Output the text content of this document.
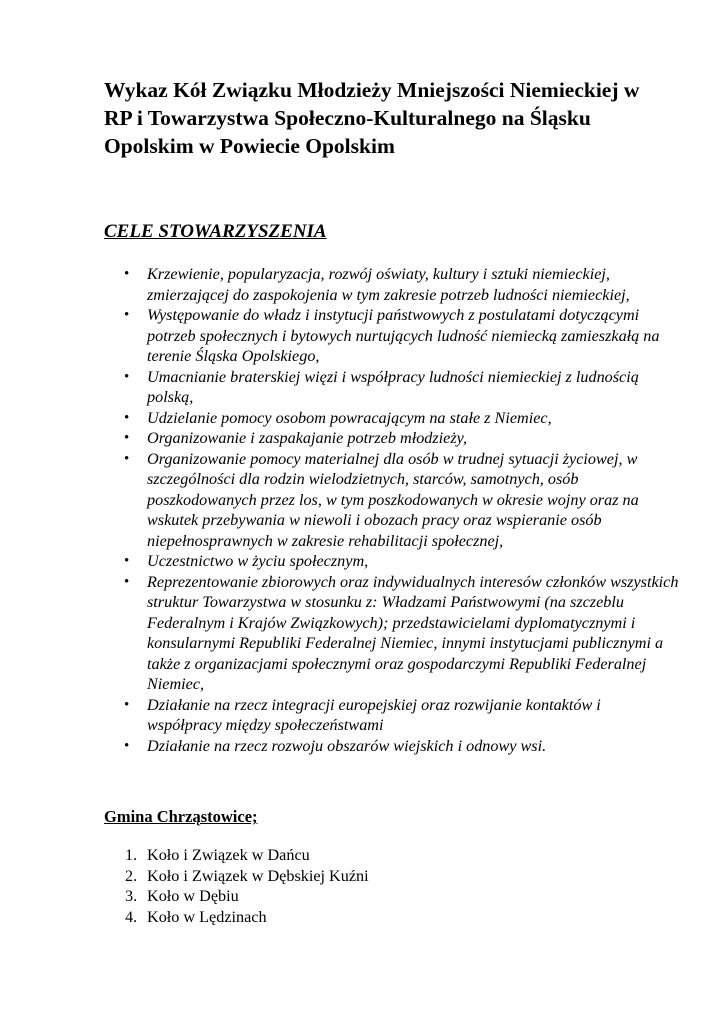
Wykaz Kół Związku Młodzieży Mniejszości Niemieckiej w
RP i Towarzystwa Społeczno-Kulturalnego na Śląsku
Opolskim w Powiecie Opolskim
CELE STOWARZYSZENIA
• Krzewienie, popularyzacja, rozwój oświaty, kultury i sztuki niemieckiej, zmierzającej do zaspokojenia w tym zakresie potrzeb ludności niemieckiej,
• Występowanie do władz i instytucji państwowych z postulatami dotyczącymi potrzeb społecznych i bytowych nurtujących ludność niemiecką zamieszkałą na terenie Śląska Opolskiego,
• Umacnianie braterskiej więzi i współpracy ludności niemieckiej z ludnością polską,
• Udzielanie pomocy osobom powracającym na stałe z Niemiec,
• Organizowanie i zaspakajanie potrzeb młodzieży,
• Organizowanie pomocy materialnej dla osób w trudnej sytuacji życiowej, w szczególności dla rodzin wielodzietnych, starców, samotnych, osób poszkodowanych przez los, w tym poszkodowanych w okresie wojny oraz na wskutek przebywania w niewoli i obozach pracy oraz wspieranie osób niepełnosprawnych w zakresie rehabilitacji społecznej,
• Uczestnictwo w życiu społecznym,
• Reprezentowanie zbiorowych oraz indywidualnych interesów członków wszystkich struktur Towarzystwa w stosunku z: Władzami Państwowymi (na szczeblu Federalnym i Krajów Związkowych); przedstawicielami dyplomatycznymi i konsularnymi Republiki Federalnej Niemiec, innymi instytucjami publicznymi a także z organizacjami społecznymi oraz gospodarczymi Republiki Federalnej Niemiec,
• Działanie na rzecz integracji europejskiej oraz rozwijanie kontaktów i współpracy między społeczeństwami
• Działanie na rzecz rozwoju obszarów wiejskich i odnowy wsi.
Gmina Chrząstowice;
1. Koło i Związek w Dańcu
2. Koło i Związek w Dębskiej Kuźni
3. Koło w Dębiu
4. Koło w Lędzinach
